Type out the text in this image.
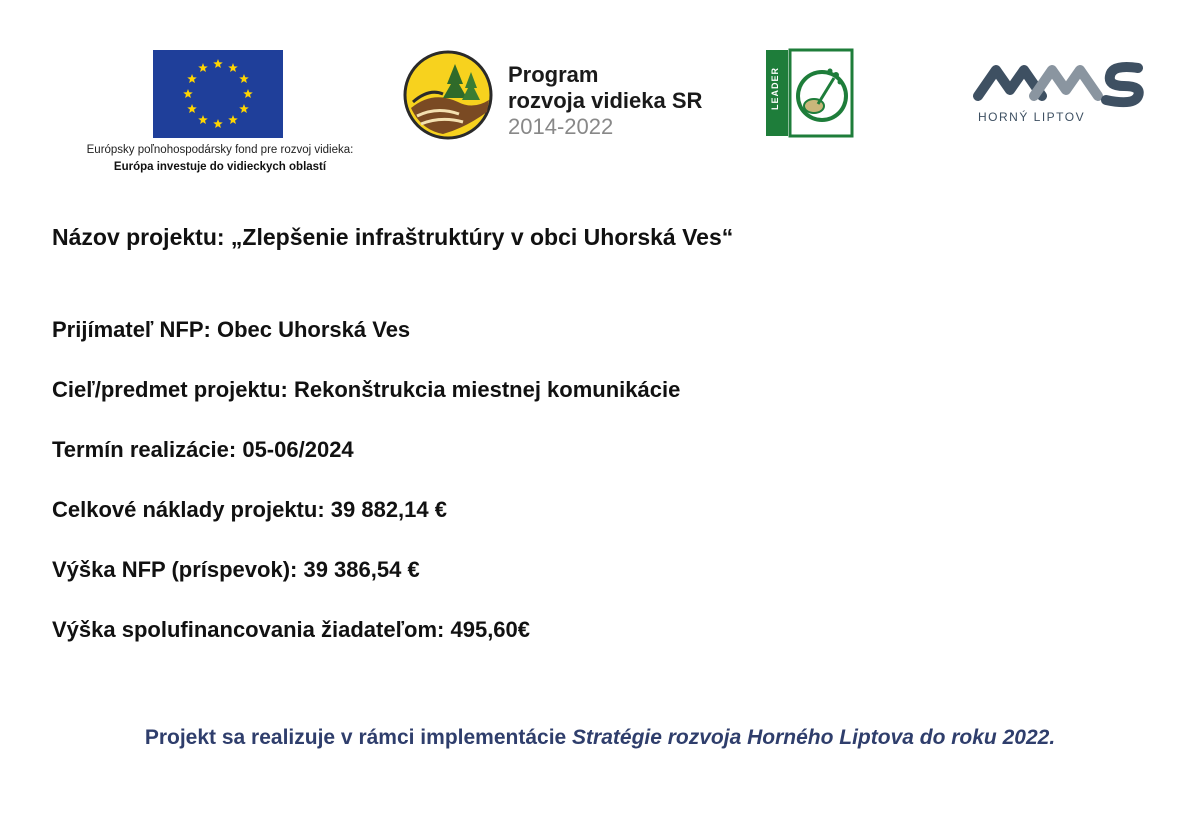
Európsky poľnohospodársky fond pre rozvoj vidieka:
Európa investuje do vidieckych oblastí
Program
rozvoja vidieka SR
2014-2022
LEADER
HORNÝ LIPTOV
Názov projektu: „Zlepšenie infraštruktúry v obci Uhorská Ves“
Prijímateľ NFP: Obec Uhorská Ves
Cieľ/predmet projektu: Rekonštrukcia miestnej komunikácie
Termín realizácie: 05-06/2024
Celkové náklady projektu: 39 882,14 €
Výška NFP (príspevok): 39 386,54 €
Výška spolufinancovania žiadateľom: 495,60€
Projekt sa realizuje v rámci implementácie Stratégie rozvoja Horného Liptova do roku 2022.
